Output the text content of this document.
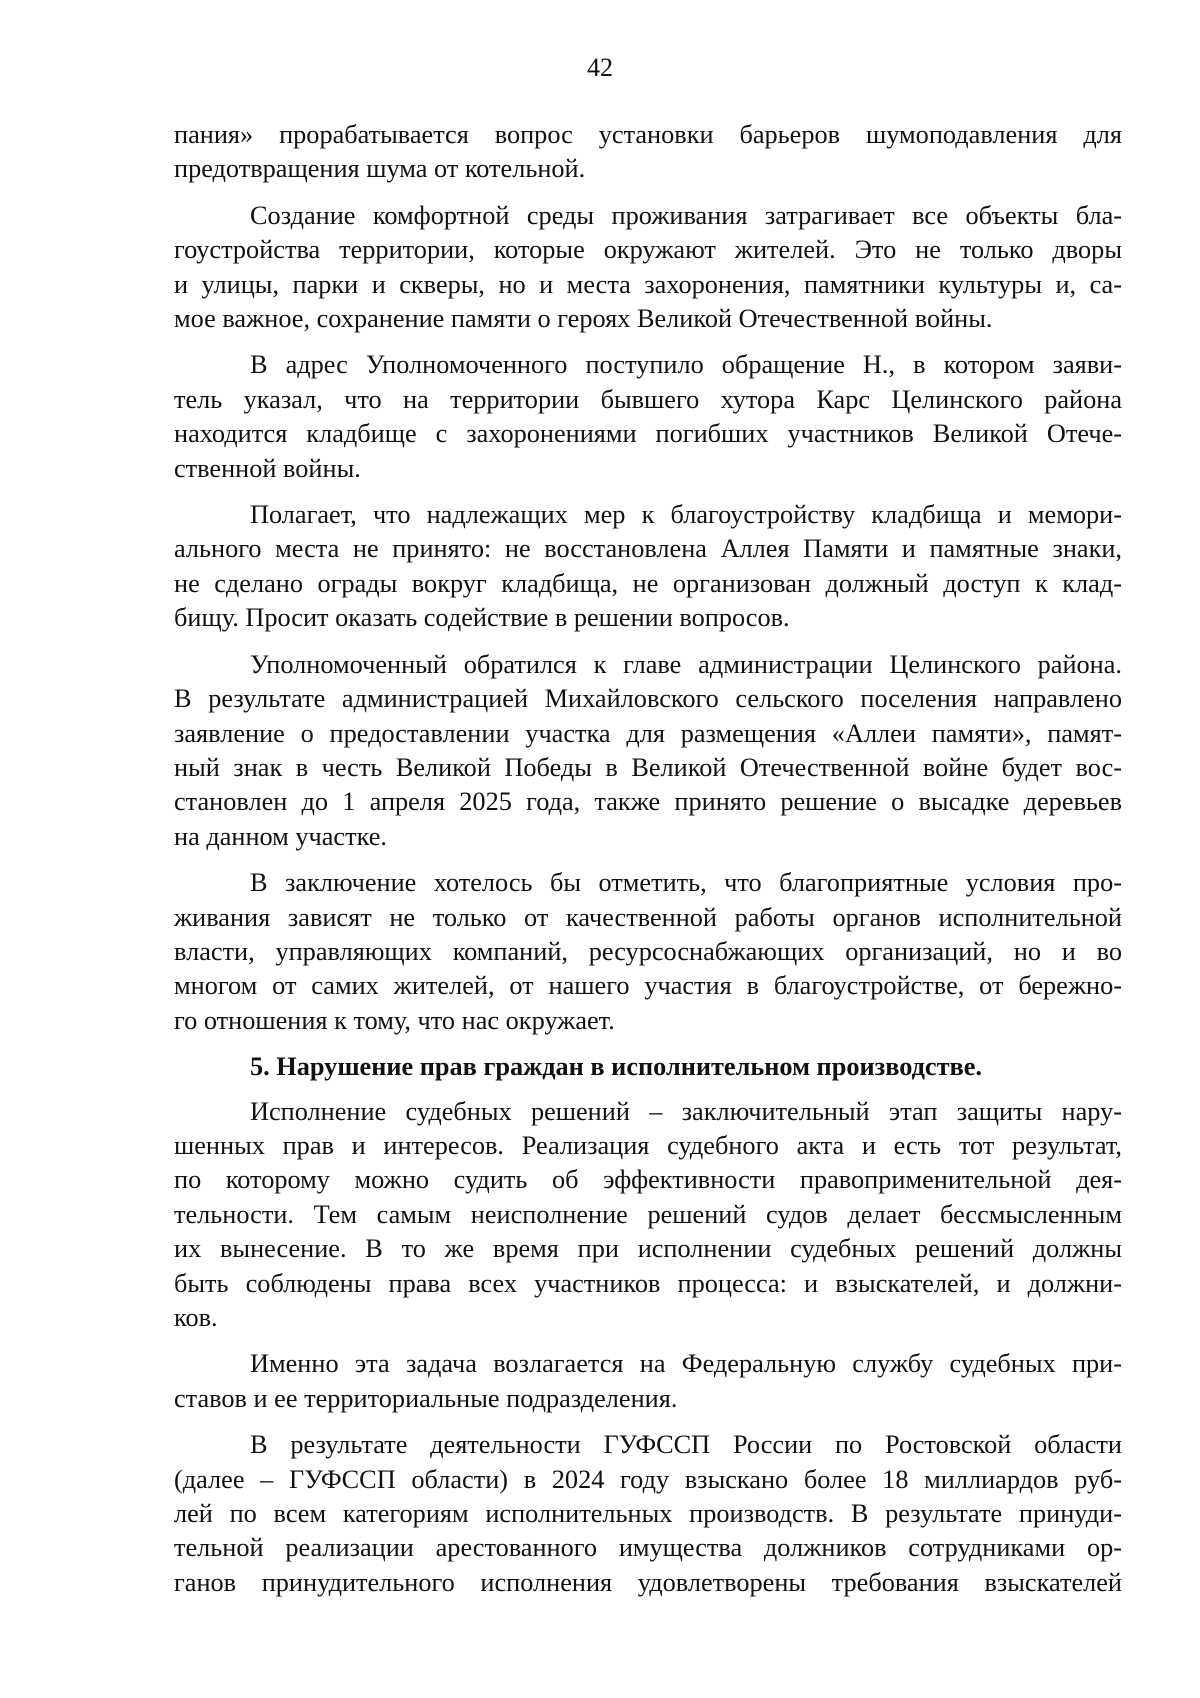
42

пания» прорабатывается вопрос установки барьеров шумоподавления для
предотвращения шума от котельной.

Создание комфортной среды проживания затрагивает все объекты бла-
гоустройства территории, которые окружают жителей. Это не только дворы
и улицы, парки и скверы, но и места захоронения, памятники культуры и, са-
мое важное, сохранение памяти о героях Великой Отечественной войны.

В адрес Уполномоченного поступило обращение Н., в котором заяви-
тель указал, что на территории бывшего хутора Карс Целинского района
находится кладбище с захоронениями погибших участников Великой Отече-
ственной войны.

Полагает, что надлежащих мер к благоустройству кладбища и мемори-
ального места не принято: не восстановлена Аллея Памяти и памятные знаки,
не сделано ограды вокруг кладбища, не организован должный доступ к клад-
бищу. Просит оказать содействие в решении вопросов.

Уполномоченный обратился к главе администрации Целинского района.
В результате администрацией Михайловского сельского поселения направлено
заявление о предоставлении участка для размещения «Аллеи памяти», памят-
ный знак в честь Великой Победы в Великой Отечественной войне будет вос-
становлен до 1 апреля 2025 года, также принято решение о высадке деревьев
на данном участке.

В заключение хотелось бы отметить, что благоприятные условия про-
живания зависят не только от качественной работы органов исполнительной
власти, управляющих компаний, ресурсоснабжающих организаций, но и во
многом от самих жителей, от нашего участия в благоустройстве, от бережно-
го отношения к тому, что нас окружает.

5. Нарушение прав граждан в исполнительном производстве.

Исполнение судебных решений – заключительный этап защиты нару-
шенных прав и интересов. Реализация судебного акта и есть тот результат,
по которому можно судить об эффективности правоприменительной дея-
тельности. Тем самым неисполнение решений судов делает бессмысленным
их вынесение. В то же время при исполнении судебных решений должны
быть соблюдены права всех участников процесса: и взыскателей, и должни-
ков.

Именно эта задача возлагается на Федеральную службу судебных при-
ставов и ее территориальные подразделения.

В результате деятельности ГУФССП России по Ростовской области
(далее – ГУФССП области) в 2024 году взыскано более 18 миллиардов руб-
лей по всем категориям исполнительных производств. В результате принуди-
тельной реализации арестованного имущества должников сотрудниками ор-
ганов принудительного исполнения удовлетворены требования взыскателей
